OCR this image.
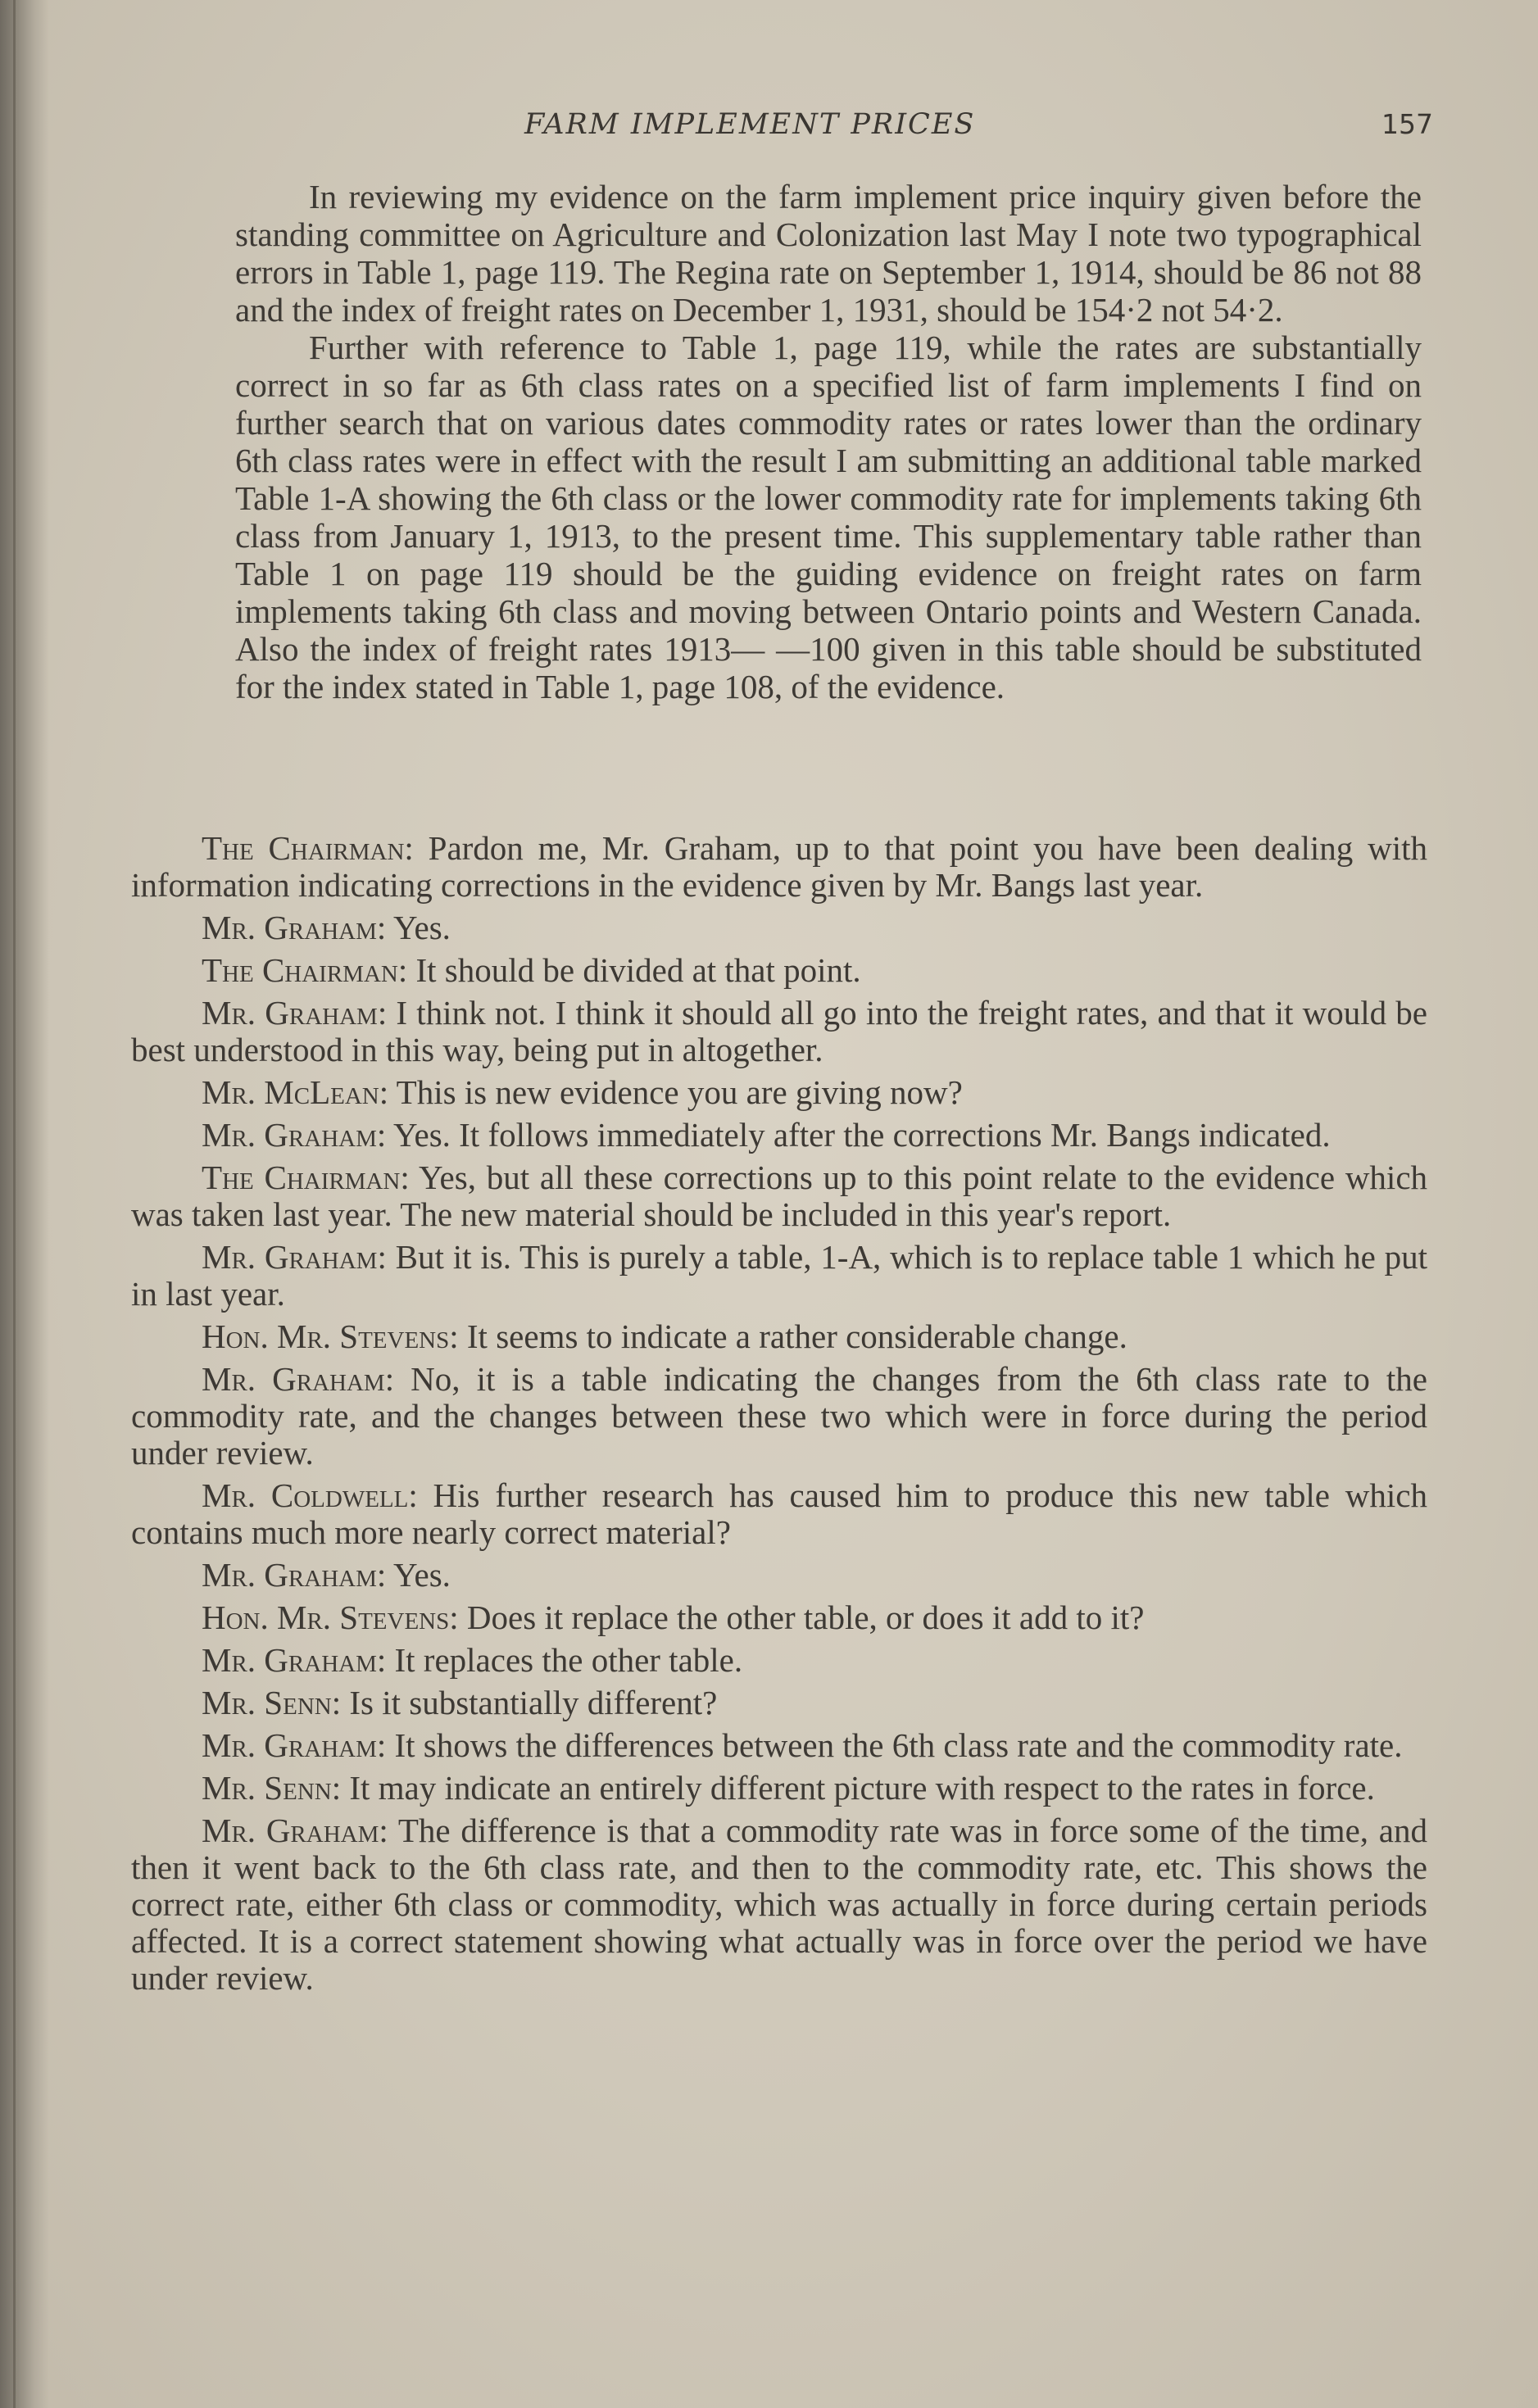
FARM IMPLEMENT PRICES	157

In reviewing my evidence on the farm implement price inquiry given before the standing committee on Agriculture and Colonization last May I note two typographical errors in Table 1, page 119. The Regina rate on September 1, 1914, should be 86 not 88 and the index of freight rates on December 1, 1931, should be 154·2 not 54·2.

Further with reference to Table 1, page 119, while the rates are substantially correct in so far as 6th class rates on a specified list of farm implements I find on further search that on various dates commodity rates or rates lower than the ordinary 6th class rates were in effect with the result I am submitting an additional table marked Table 1-A showing the 6th class or the lower commodity rate for implements taking 6th class from January 1, 1913, to the present time. This supplementary table rather than Table 1 on page 119 should be the guiding evidence on freight rates on farm implements taking 6th class and moving between Ontario points and Western Canada. Also the index of freight rates 1913— —100 given in this table should be substituted for the index stated in Table 1, page 108, of the evidence.

The Chairman: Pardon me, Mr. Graham, up to that point you have been dealing with information indicating corrections in the evidence given by Mr. Bangs last year.

Mr. Graham: Yes.

The Chairman: It should be divided at that point.

Mr. Graham: I think not. I think it should all go into the freight rates, and that it would be best understood in this way, being put in altogether.

Mr. McLean: This is new evidence you are giving now?

Mr. Graham: Yes. It follows immediately after the corrections Mr. Bangs indicated.

The Chairman: Yes, but all these corrections up to this point relate to the evidence which was taken last year. The new material should be included in this year's report.

Mr. Graham: But it is. This is purely a table, 1-A, which is to replace table 1 which he put in last year.

Hon. Mr. Stevens: It seems to indicate a rather considerable change.

Mr. Graham: No, it is a table indicating the changes from the 6th class rate to the commodity rate, and the changes between these two which were in force during the period under review.

Mr. Coldwell: His further research has caused him to produce this new table which contains much more nearly correct material?

Mr. Graham: Yes.

Hon. Mr. Stevens: Does it replace the other table, or does it add to it?

Mr. Graham: It replaces the other table.

Mr. Senn: Is it substantially different?

Mr. Graham: It shows the differences between the 6th class rate and the commodity rate.

Mr. Senn: It may indicate an entirely different picture with respect to the rates in force.

Mr. Graham: The difference is that a commodity rate was in force some of the time, and then it went back to the 6th class rate, and then to the commodity rate, etc. This shows the correct rate, either 6th class or commodity, which was actually in force during certain periods affected. It is a correct statement showing what actually was in force over the period we have under review.
